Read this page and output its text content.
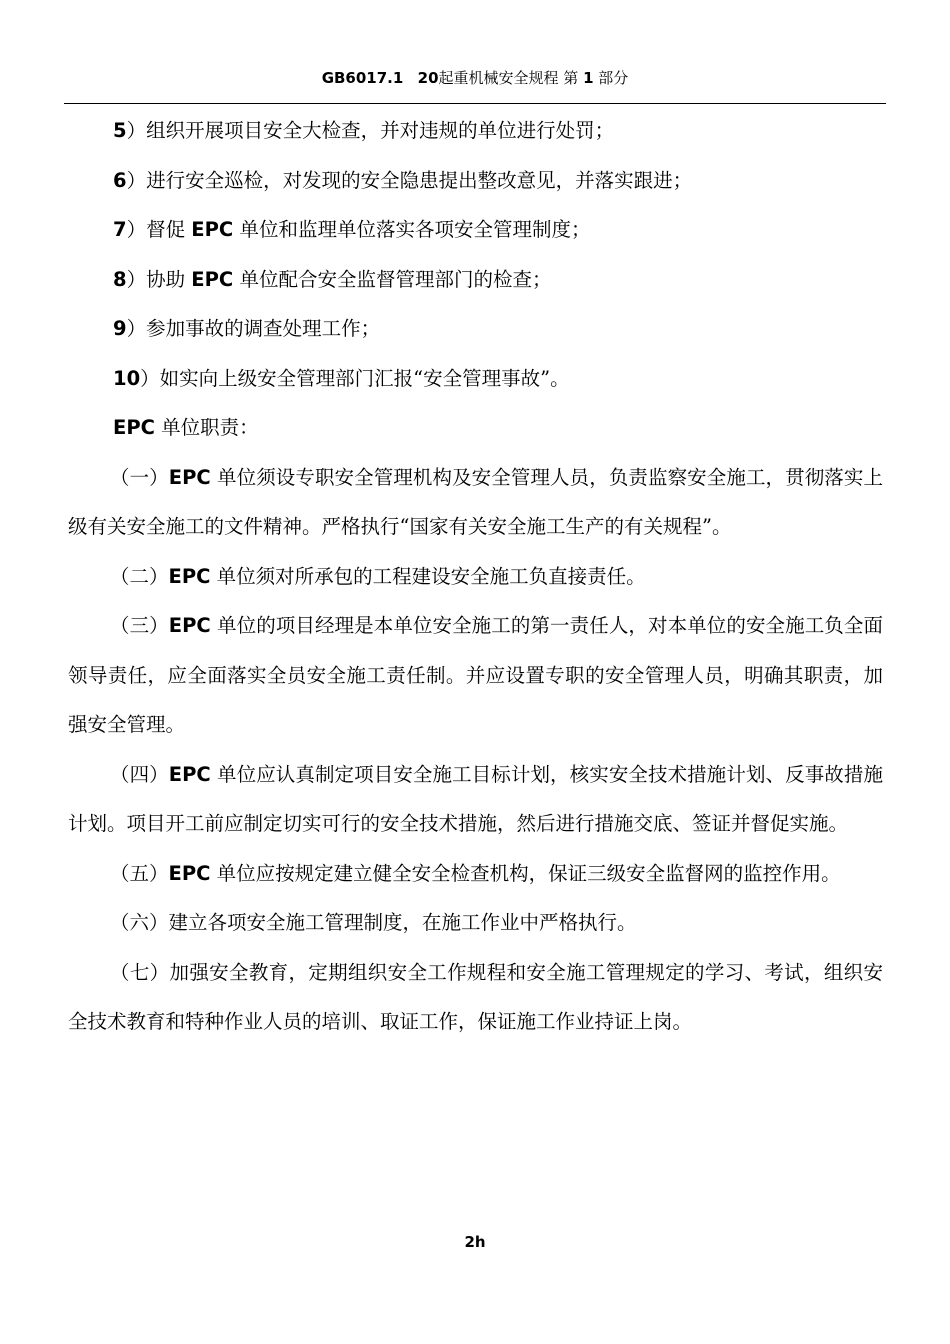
GB6017.1 20起重机械安全规程 第 1 部分

5）组织开展项目安全大检查，并对违规的单位进行处罚；

6）进行安全巡检，对发现的安全隐患提出整改意见，并落实跟进；

7）督促 EPC 单位和监理单位落实各项安全管理制度；

8）协助 EPC 单位配合安全监督管理部门的检查；

9）参加事故的调查处理工作；

10）如实向上级安全管理部门汇报“安全管理事故”。

EPC 单位职责：

（一）EPC 单位须设专职安全管理机构及安全管理人员，负责监察安全施工，贯彻落实上级有关安全施工的文件精神。严格执行“国家有关安全施工生产的有关规程”。

（二）EPC 单位须对所承包的工程建设安全施工负直接责任。

（三）EPC 单位的项目经理是本单位安全施工的第一责任人，对本单位的安全施工负全面领导责任，应全面落实全员安全施工责任制。并应设置专职的安全管理人员，明确其职责，加强安全管理。

（四）EPC 单位应认真制定项目安全施工目标计划，核实安全技术措施计划、反事故措施计划。项目开工前应制定切实可行的安全技术措施，然后进行措施交底、签证并督促实施。

（五）EPC 单位应按规定建立健全安全检查机构，保证三级安全监督网的监控作用。

（六）建立各项安全施工管理制度，在施工作业中严格执行。

（七）加强安全教育，定期组织安全工作规程和安全施工管理规定的学习、考试，组织安全技术教育和特种作业人员的培训、取证工作，保证施工作业持证上岗。

2h
